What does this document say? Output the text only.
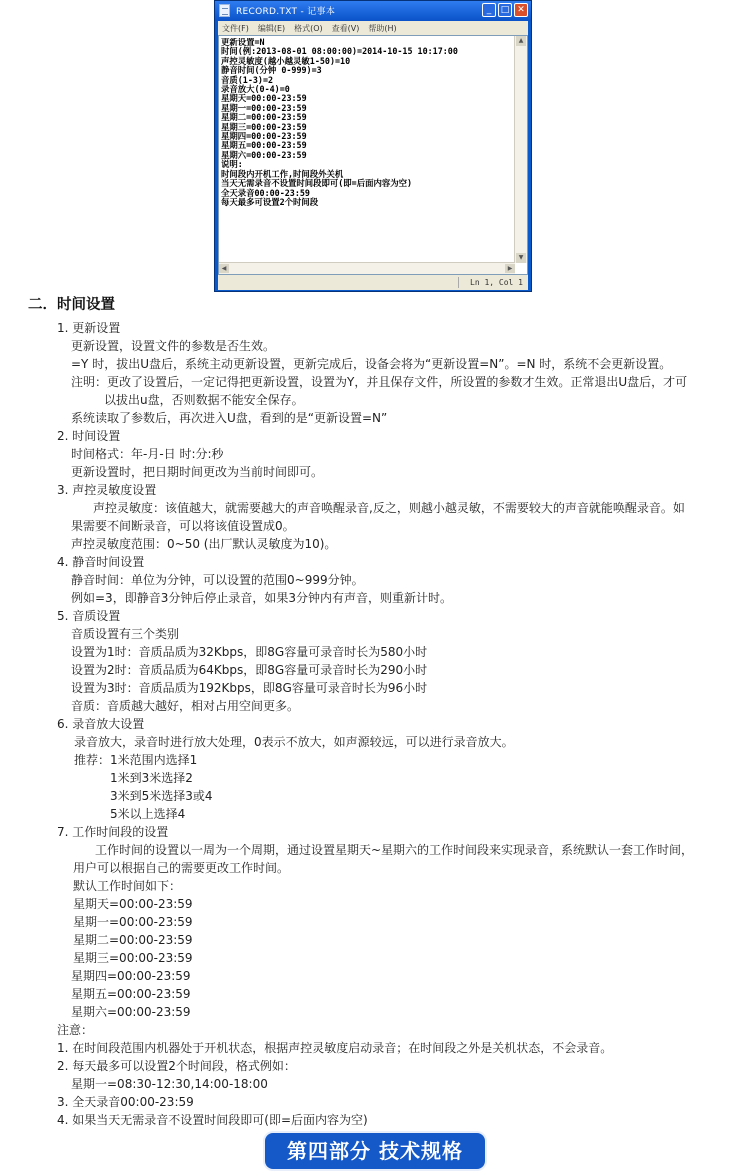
RECORD.TXT - 记事本	_	□ ✕
文件(F) 编辑(E) 格式(O) 查看(V) 帮助(H)
更新设置=N
时间(例:2013-08-01 08:00:00)=2014-10-15 10:17:00
声控灵敏度(越小越灵敏1-50)=10
静音时间(分钟 0-999)=3
音质(1-3)=2
录音放大(0-4)=0
星期天=00:00-23:59
星期一=00:00-23:59
星期二=00:00-23:59
星期三=00:00-23:59
星期四=00:00-23:59
星期五=00:00-23:59
星期六=00:00-23:59
说明:
时间段内开机工作,时间段外关机
当天无需录音不设置时间段即可(即=后面内容为空)
全天录音00:00-23:59
每天最多可设置2个时间段
▲
▼
◀	▶
Ln 1, Col 1
二．时间设置
1. 更新设置
更新设置，设置文件的参数是否生效。
=Y 时，拔出U盘后，系统主动更新设置，更新完成后，设备会将为“更新设置=N”。=N 时，系统不会更新设置。
注明：更改了设置后，一定记得把更新设置，设置为Y，并且保存文件，所设置的参数才生效。正常退出U盘后，才可
以拔出u盘，否则数据不能安全保存。
系统读取了参数后，再次进入U盘，看到的是“更新设置=N”
2. 时间设置
时间格式：年-月-日 时:分:秒
更新设置时，把日期时间更改为当前时间即可。
3. 声控灵敏度设置
声控灵敏度：该值越大，就需要越大的声音唤醒录音,反之，则越小越灵敏，不需要较大的声音就能唤醒录音。如
果需要不间断录音，可以将该值设置成0。
声控灵敏度范围：0~50 (出厂默认灵敏度为10)。
4. 静音时间设置
静音时间：单位为分钟，可以设置的范围0~999分钟。
例如=3，即静音3分钟后停止录音，如果3分钟内有声音，则重新计时。
5. 音质设置
音质设置有三个类别
设置为1时：音质品质为32Kbps，即8G容量可录音时长为580小时
设置为2时：音质品质为64Kbps，即8G容量可录音时长为290小时
设置为3时：音质品质为192Kbps，即8G容量可录音时长为96小时
音质：音质越大越好，相对占用空间更多。
6. 录音放大设置
录音放大，录音时进行放大处理，0表示不放大，如声源较远，可以进行录音放大。
推荐：1米范围内选择1
1米到3米选择2
3米到5米选择3或4
5米以上选择4
7. 工作时间段的设置
工作时间的设置以一周为一个周期，通过设置星期天~星期六的工作时间段来实现录音，系统默认一套工作时间，
用户可以根据自己的需要更改工作时间。
默认工作时间如下：
星期天=00:00-23:59
星期一=00:00-23:59
星期二=00:00-23:59
星期三=00:00-23:59
星期四=00:00-23:59
星期五=00:00-23:59
星期六=00:00-23:59
注意：
1. 在时间段范围内机器处于开机状态，根据声控灵敏度启动录音；在时间段之外是关机状态，不会录音。
2. 每天最多可以设置2个时间段，格式例如：
星期一=08:30-12:30,14:00-18:00
3. 全天录音00:00-23:59
4. 如果当天无需录音不设置时间段即可(即=后面内容为空)
第四部分 技术规格
